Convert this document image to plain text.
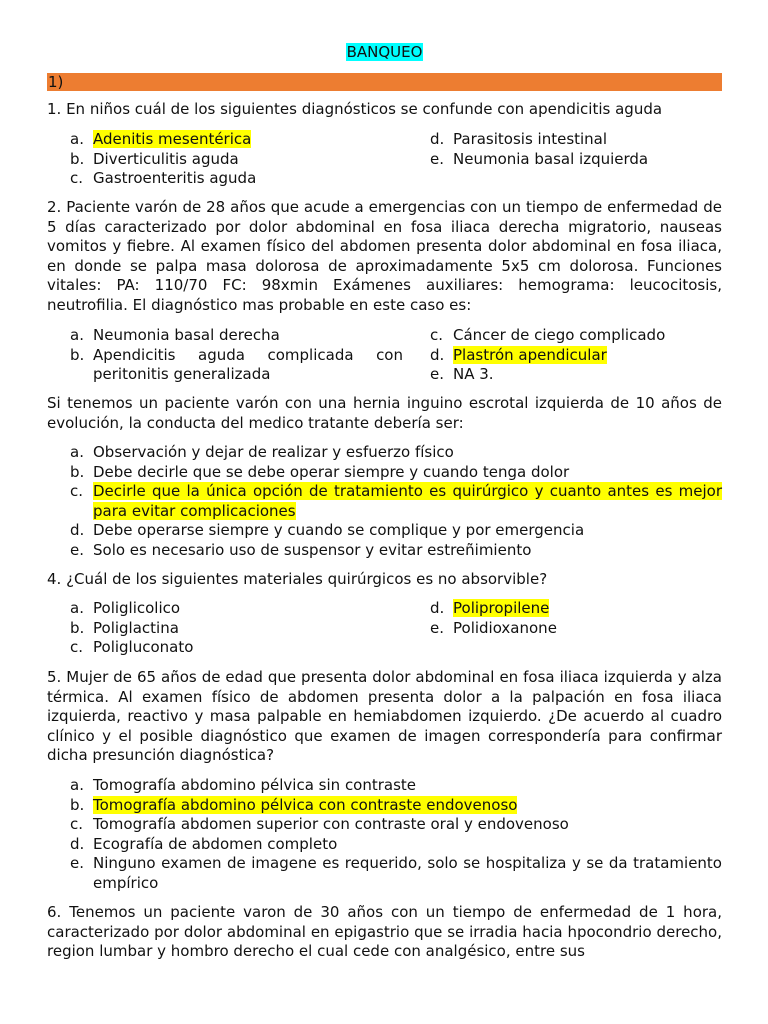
BANQUEO
1)

1. En niños cuál de los siguientes diagnósticos se confunde con apendicitis aguda

a. Adenitis mesentérica
b. Diverticulitis aguda
c. Gastroenteritis aguda
d. Parasitosis intestinal
e. Neumonia basal izquierda

2. Paciente varón de 28 años que acude a emergencias con un tiempo de enfermedad de 5 días caracterizado por dolor abdominal en fosa iliaca derecha migratorio, nauseas vomitos y fiebre. Al examen físico del abdomen presenta dolor abdominal en fosa iliaca, en donde se palpa masa dolorosa de aproximadamente 5x5 cm dolorosa. Funciones vitales: PA: 110/70 FC: 98xmin Exámenes auxiliares: hemograma: leucocitosis, neutrofilia. El diagnóstico mas probable en este caso es:

a. Neumonia basal derecha
b. Apendicitis aguda complicada con peritonitis generalizada
c. Cáncer de ciego complicado
d. Plastrón apendicular
e. NA 3.

Si tenemos un paciente varón con una hernia inguino escrotal izquierda de 10 años de evolución, la conducta del medico tratante debería ser:

a. Observación y dejar de realizar y esfuerzo físico
b. Debe decirle que se debe operar siempre y cuando tenga dolor
c. Decirle que la única opción de tratamiento es quirúrgico y cuanto antes es mejor para evitar complicaciones
d. Debe operarse siempre y cuando se complique y por emergencia
e. Solo es necesario uso de suspensor y evitar estreñimiento

4. ¿Cuál de los siguientes materiales quirúrgicos es no absorvible?

a. Poliglicolico
b. Poliglactina
c. Poligluconato
d. Polipropilene
e. Polidioxanone

5. Mujer de 65 años de edad que presenta dolor abdominal en fosa iliaca izquierda y alza térmica. Al examen físico de abdomen presenta dolor a la palpación en fosa iliaca izquierda, reactivo y masa palpable en hemiabdomen izquierdo. ¿De acuerdo al cuadro clínico y el posible diagnóstico que examen de imagen correspondería para confirmar dicha presunción diagnóstica?

a. Tomografía abdomino pélvica sin contraste
b. Tomografía abdomino pélvica con contraste endovenoso
c. Tomografía abdomen superior con contraste oral y endovenoso
d. Ecografía de abdomen completo
e. Ninguno examen de imagene es requerido, solo se hospitaliza y se da tratamiento empírico

6. Tenemos un paciente varon de 30 años con un tiempo de enfermedad de 1 hora, caracterizado por dolor abdominal en epigastrio que se irradia hacia hpocondrio derecho, region lumbar y hombro derecho el cual cede con analgésico, entre sus
